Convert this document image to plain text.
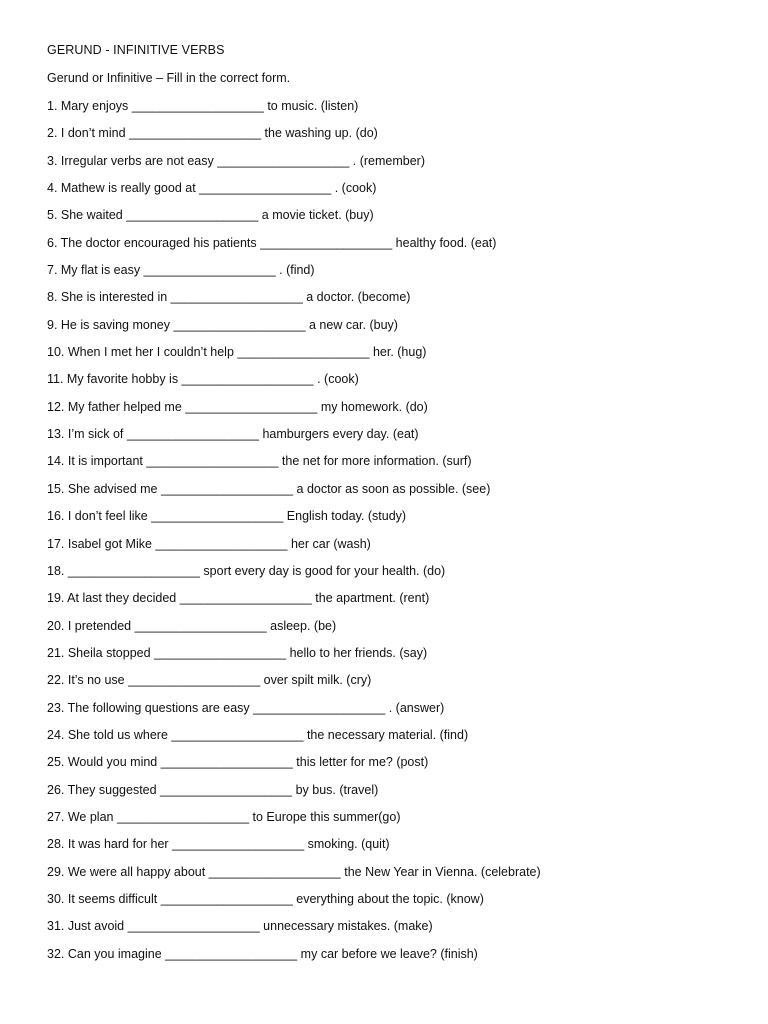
GERUND - INFINITIVE VERBS
Gerund or Infinitive – Fill in the correct form.
1. Mary enjoys ___________________ to music. (listen)
2. I don’t mind ___________________ the washing up. (do)
3. Irregular verbs are not easy ___________________ . (remember)
4. Mathew is really good at ___________________ . (cook)
5. She waited ___________________ a movie ticket. (buy)
6. The doctor encouraged his patients ___________________ healthy food. (eat)
7. My flat is easy ___________________ . (find)
8. She is interested in ___________________ a doctor. (become)
9. He is saving money ___________________ a new car. (buy)
10. When I met her I couldn’t help ___________________ her. (hug)
11. My favorite hobby is ___________________ . (cook)
12. My father helped me ___________________ my homework. (do)
13. I’m sick of ___________________ hamburgers every day. (eat)
14. It is important ___________________ the net for more information. (surf)
15. She advised me ___________________ a doctor as soon as possible. (see)
16. I don’t feel like ___________________ English today. (study)
17. Isabel got Mike ___________________ her car (wash)
18. ___________________ sport every day is good for your health. (do)
19. At last they decided ___________________ the apartment. (rent)
20. I pretended ___________________ asleep. (be)
21. Sheila stopped ___________________ hello to her friends. (say)
22. It’s no use ___________________ over spilt milk. (cry)
23. The following questions are easy ___________________ . (answer)
24. She told us where ___________________ the necessary material. (find)
25. Would you mind ___________________ this letter for me? (post)
26. They suggested ___________________ by bus. (travel)
27. We plan ___________________ to Europe this summer(go)
28. It was hard for her ___________________ smoking. (quit)
29. We were all happy about ___________________ the New Year in Vienna. (celebrate)
30. It seems difficult ___________________ everything about the topic. (know)
31. Just avoid ___________________ unnecessary mistakes. (make)
32. Can you imagine ___________________ my car before we leave? (finish)
